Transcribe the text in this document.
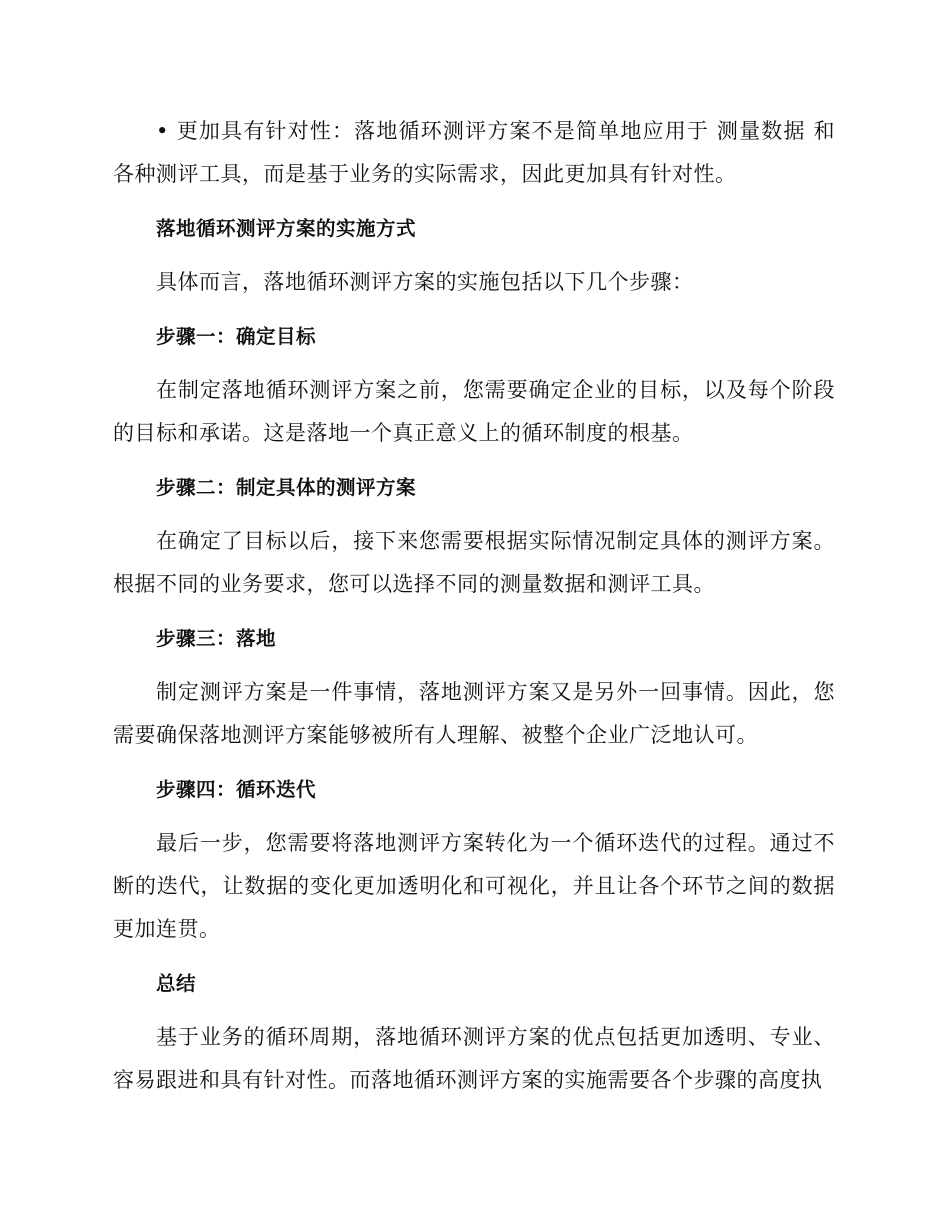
• 更加具有针对性：落地循环测评方案不是简单地应用于 测量数据 和各种测评工具，而是基于业务的实际需求，因此更加具有针对性。

落地循环测评方案的实施方式

具体而言，落地循环测评方案的实施包括以下几个步骤：

步骤一：确定目标

在制定落地循环测评方案之前，您需要确定企业的目标，以及每个阶段的目标和承诺。这是落地一个真正意义上的循环制度的根基。

步骤二：制定具体的测评方案

在确定了目标以后，接下来您需要根据实际情况制定具体的测评方案。根据不同的业务要求，您可以选择不同的测量数据和测评工具。

步骤三：落地

制定测评方案是一件事情，落地测评方案又是另外一回事情。因此，您需要确保落地测评方案能够被所有人理解、被整个企业广泛地认可。

步骤四：循环迭代

最后一步，您需要将落地测评方案转化为一个循环迭代的过程。通过不断的迭代，让数据的变化更加透明化和可视化，并且让各个环节之间的数据更加连贯。

总结

基于业务的循环周期，落地循环测评方案的优点包括更加透明、专业、容易跟进和具有针对性。而落地循环测评方案的实施需要各个步骤的高度执
